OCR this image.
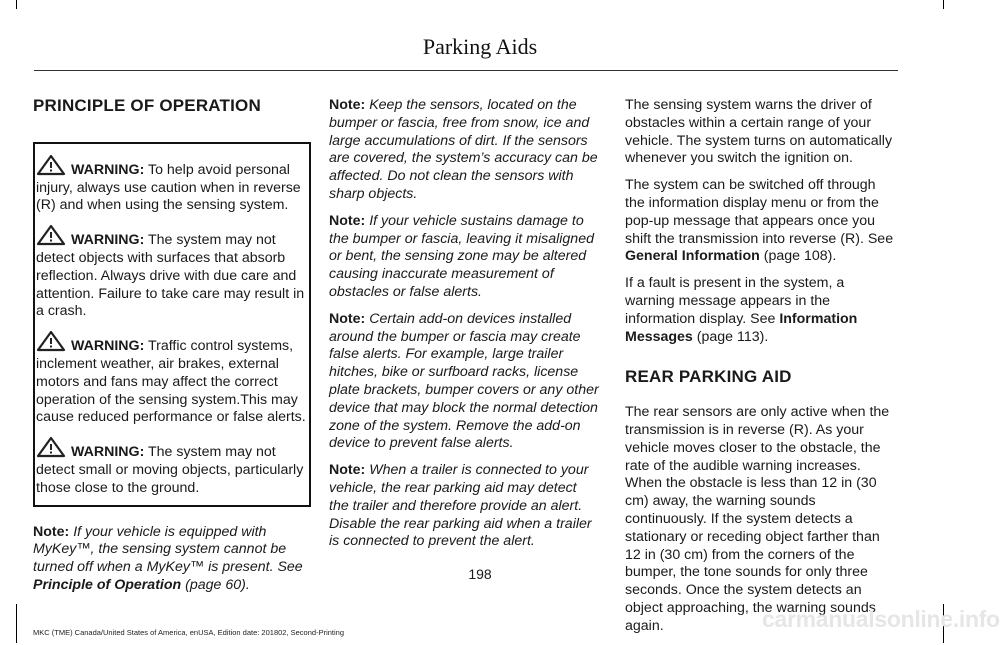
Parking Aids
PRINCIPLE OF OPERATION
WARNING: To help avoid personal injury, always use caution when in reverse (R) and when using the sensing system.
WARNING: The system may not detect objects with surfaces that absorb reflection. Always drive with due care and attention. Failure to take care may result in a crash.
WARNING: Traffic control systems, inclement weather, air brakes, external motors and fans may affect the correct operation of the sensing system.This may cause reduced performance or false alerts.
WARNING: The system may not detect small or moving objects, particularly those close to the ground.

Note: If your vehicle is equipped with MyKey™, the sensing system cannot be turned off when a MyKey™ is present. See Principle of Operation (page 60).

Note: Keep the sensors, located on the bumper or fascia, free from snow, ice and large accumulations of dirt. If the sensors are covered, the system’s accuracy can be affected. Do not clean the sensors with sharp objects.

Note: If your vehicle sustains damage to the bumper or fascia, leaving it misaligned or bent, the sensing zone may be altered causing inaccurate measurement of obstacles or false alerts.

Note: Certain add-on devices installed around the bumper or fascia may create false alerts. For example, large trailer hitches, bike or surfboard racks, license plate brackets, bumper covers or any other device that may block the normal detection zone of the system. Remove the add-on device to prevent false alerts.

Note: When a trailer is connected to your vehicle, the rear parking aid may detect the trailer and therefore provide an alert. Disable the rear parking aid when a trailer is connected to prevent the alert.

The sensing system warns the driver of obstacles within a certain range of your vehicle. The system turns on automatically whenever you switch the ignition on.

The system can be switched off through the information display menu or from the pop-up message that appears once you shift the transmission into reverse (R). See General Information (page 108).

If a fault is present in the system, a warning message appears in the information display. See Information Messages (page 113).

REAR PARKING AID

The rear sensors are only active when the transmission is in reverse (R). As your vehicle moves closer to the obstacle, the rate of the audible warning increases. When the obstacle is less than 12 in (30 cm) away, the warning sounds continuously. If the system detects a stationary or receding object farther than 12 in (30 cm) from the corners of the bumper, the tone sounds for only three seconds. Once the system detects an object approaching, the warning sounds again.

198
MKC (TME) Canada/United States of America, enUSA, Edition date: 201802, Second-Printing
carmanualsonline.info
